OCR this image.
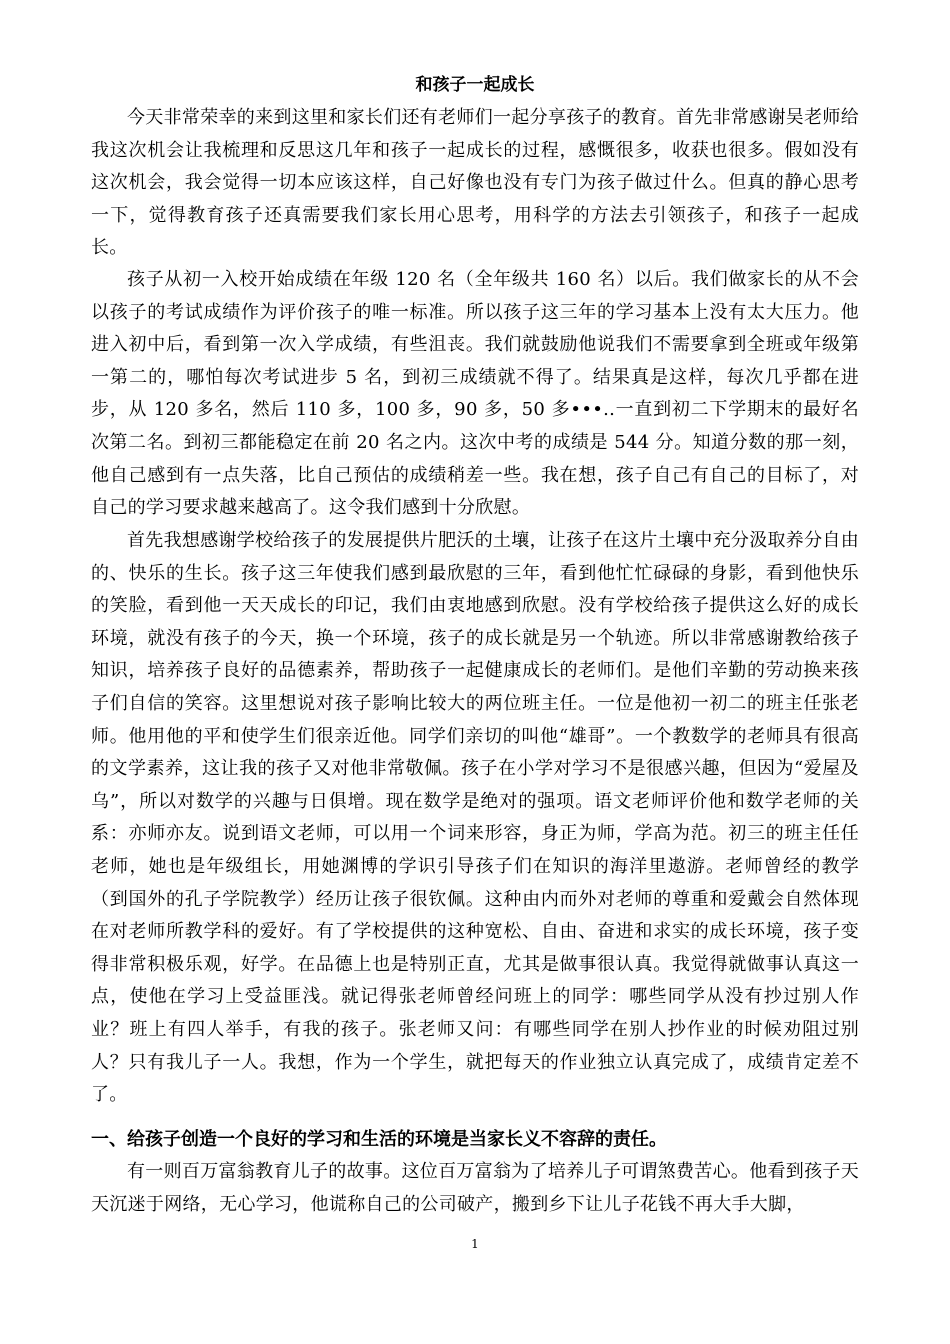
和孩子一起成长

今天非常荣幸的来到这里和家长们还有老师们一起分享孩子的教育。首先非常感谢吴老师给我这次机会让我梳理和反思这几年和孩子一起成长的过程，感慨很多，收获也很多。假如没有这次机会，我会觉得一切本应该这样，自己好像也没有专门为孩子做过什么。但真的静心思考一下，觉得教育孩子还真需要我们家长用心思考，用科学的方法去引领孩子，和孩子一起成长。

孩子从初一入校开始成绩在年级 120 名（全年级共 160 名）以后。我们做家长的从不会以孩子的考试成绩作为评价孩子的唯一标准。所以孩子这三年的学习基本上没有太大压力。他进入初中后，看到第一次入学成绩，有些沮丧。我们就鼓励他说我们不需要拿到全班或年级第一第二的，哪怕每次考试进步 5 名，到初三成绩就不得了。结果真是这样，每次几乎都在进步，从 120 多名，然后 110 多，100 多，90 多，50 多•••..一直到初二下学期末的最好名次第二名。到初三都能稳定在前 20 名之内。这次中考的成绩是 544 分。知道分数的那一刻，他自己感到有一点失落，比自己预估的成绩稍差一些。我在想，孩子自己有自己的目标了，对自己的学习要求越来越高了。这令我们感到十分欣慰。

首先我想感谢学校给孩子的发展提供片肥沃的土壤，让孩子在这片土壤中充分汲取养分自由的、快乐的生长。孩子这三年使我们感到最欣慰的三年，看到他忙忙碌碌的身影，看到他快乐的笑脸，看到他一天天成长的印记，我们由衷地感到欣慰。没有学校给孩子提供这么好的成长环境，就没有孩子的今天，换一个环境，孩子的成长就是另一个轨迹。所以非常感谢教给孩子知识，培养孩子良好的品德素养，帮助孩子一起健康成长的老师们。是他们辛勤的劳动换来孩子们自信的笑容。这里想说对孩子影响比较大的两位班主任。一位是他初一初二的班主任张老师。他用他的平和使学生们很亲近他。同学们亲切的叫他“雄哥”。一个教数学的老师具有很高的文学素养，这让我的孩子又对他非常敬佩。孩子在小学对学习不是很感兴趣，但因为“爱屋及乌”，所以对数学的兴趣与日俱增。现在数学是绝对的强项。语文老师评价他和数学老师的关系：亦师亦友。说到语文老师，可以用一个词来形容，身正为师，学高为范。初三的班主任任老师，她也是年级组长，用她渊博的学识引导孩子们在知识的海洋里遨游。老师曾经的教学（到国外的孔子学院教学）经历让孩子很钦佩。这种由内而外对老师的尊重和爱戴会自然体现在对老师所教学科的爱好。有了学校提供的这种宽松、自由、奋进和求实的成长环境，孩子变得非常积极乐观，好学。在品德上也是特别正直，尤其是做事很认真。我觉得就做事认真这一点，使他在学习上受益匪浅。就记得张老师曾经问班上的同学：哪些同学从没有抄过别人作业？班上有四人举手，有我的孩子。张老师又问：有哪些同学在别人抄作业的时候劝阻过别人？只有我儿子一人。我想，作为一个学生，就把每天的作业独立认真完成了，成绩肯定差不了。

一、给孩子创造一个良好的学习和生活的环境是当家长义不容辞的责任。

有一则百万富翁教育儿子的故事。这位百万富翁为了培养儿子可谓煞费苦心。他看到孩子天天沉迷于网络，无心学习，他谎称自己的公司破产，搬到乡下让儿子花钱不再大手大脚，

1
